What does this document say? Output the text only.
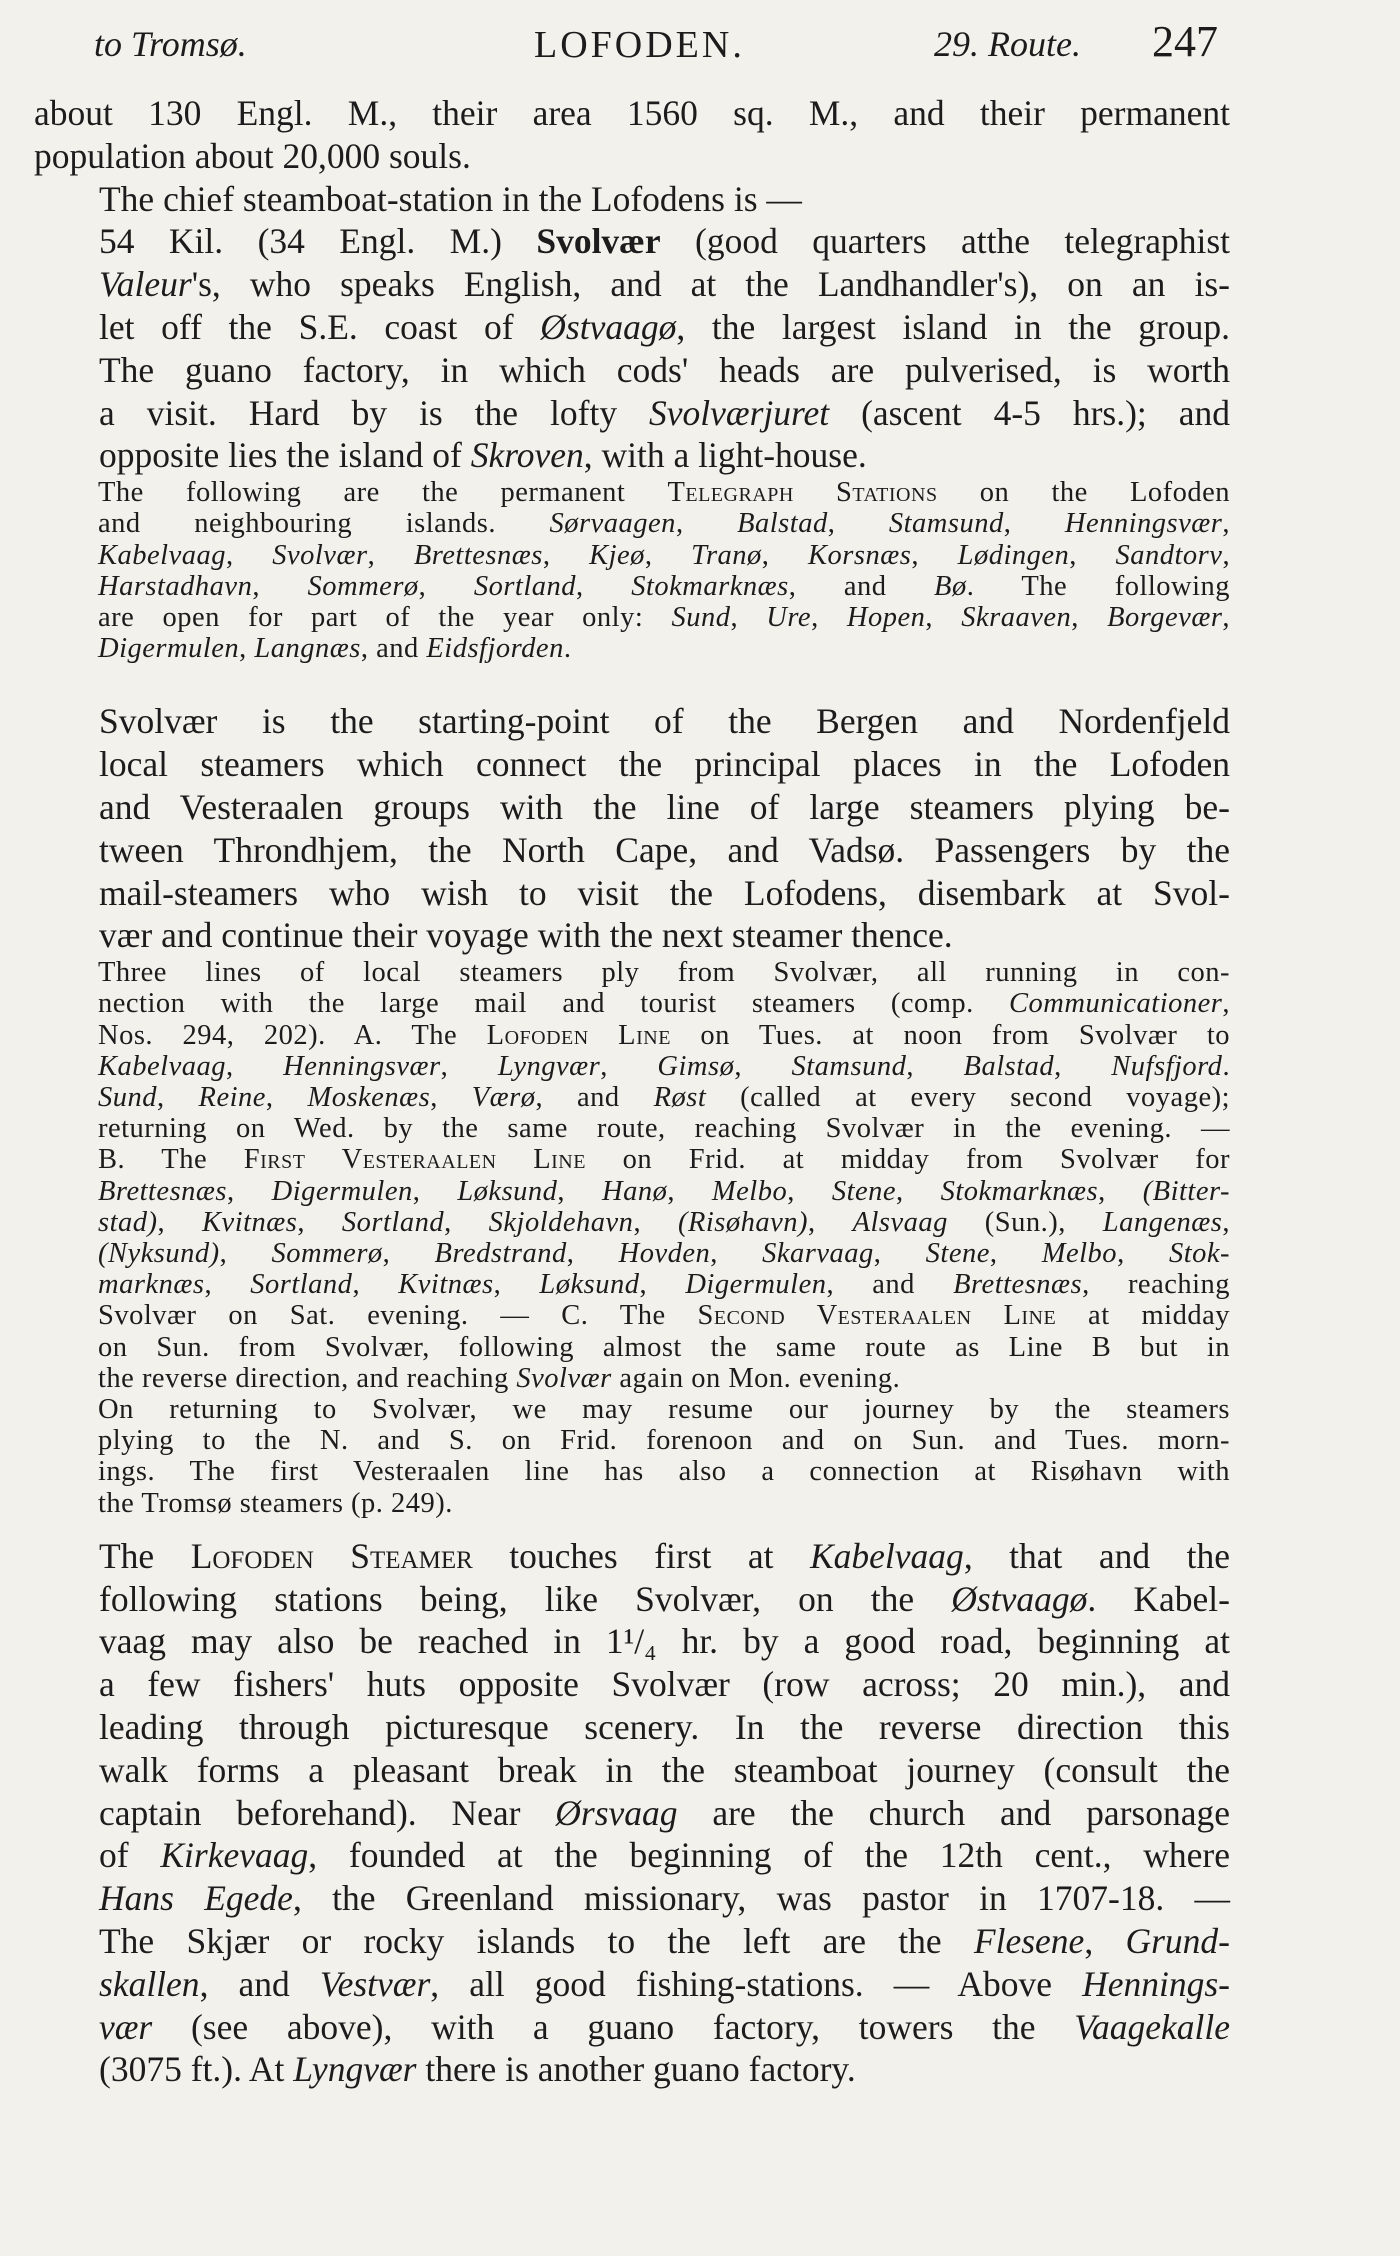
to Tromsø.	LOFODEN.	29. Route. 247

about 130 Engl. M., their area 1560 sq. M., and their permanent
population about 20,000 souls.

The chief steamboat-station in the Lofodens is —

54 Kil. (34 Engl. M.) Svolvær (good quarters atthe telegraphist
Valeur's, who speaks English, and at the Landhandler's), on an is-
let off the S.E. coast of Østvaagø, the largest island in the group.
The guano factory, in which cods' heads are pulverised, is worth
a visit. Hard by is the lofty Svolværjuret (ascent 4-5 hrs.); and
opposite lies the island of Skroven, with a light-house.

The following are the permanent Telegraph Stations on the Lofoden
and neighbouring islands. Sørvaagen, Balstad, Stamsund, Henningsvær,
Kabelvaag, Svolvær, Brettesnæs, Kjeø, Tranø, Korsnæs, Lødingen, Sandtorv,
Harstadhavn, Sommerø, Sortland, Stokmarknæs, and Bø. The following
are open for part of the year only: Sund, Ure, Hopen, Skraaven, Borgevær,
Digermulen, Langnæs, and Eidsfjorden.

Svolvær is the starting-point of the Bergen and Nordenfjeld
local steamers which connect the principal places in the Lofoden
and Vesteraalen groups with the line of large steamers plying be-
tween Throndhjem, the North Cape, and Vadsø. Passengers by the
mail-steamers who wish to visit the Lofodens, disembark at Svol-
vær and continue their voyage with the next steamer thence.

Three lines of local steamers ply from Svolvær, all running in con-
nection with the large mail and tourist steamers (comp. Communicationer,
Nos. 294, 202). A. The Lofoden Line on Tues. at noon from Svolvær to
Kabelvaag, Henningsvær, Lyngvær, Gimsø, Stamsund, Balstad, Nufsfjord.
Sund, Reine, Moskenæs, Værø, and Røst (called at every second voyage);
returning on Wed. by the same route, reaching Svolvær in the evening. —
B. The First Vesteraalen Line on Frid. at midday from Svolvær for
Brettesnæs, Digermulen, Løksund, Hanø, Melbo, Stene, Stokmarknæs, (Bitter-
stad), Kvitnæs, Sortland, Skjoldehavn, (Risøhavn), Alsvaag (Sun.), Langenæs,
(Nyksund), Sommerø, Bredstrand, Hovden, Skarvaag, Stene, Melbo, Stok-
marknæs, Sortland, Kvitnæs, Løksund, Digermulen, and Brettesnæs, reaching
Svolvær on Sat. evening. — C. The Second Vesteraalen Line at midday
on Sun. from Svolvær, following almost the same route as Line B but in
the reverse direction, and reaching Svolvær again on Mon. evening.

On returning to Svolvær, we may resume our journey by the steamers
plying to the N. and S. on Frid. forenoon and on Sun. and Tues. morn-
ings. The first Vesteraalen line has also a connection at Risøhavn with
the Tromsø steamers (p. 249).

The Lofoden Steamer touches first at Kabelvaag, that and the
following stations being, like Svolvær, on the Østvaagø. Kabel-
vaag may also be reached in 1¹/₄ hr. by a good road, beginning at
a few fishers' huts opposite Svolvær (row across; 20 min.), and
leading through picturesque scenery. In the reverse direction this
walk forms a pleasant break in the steamboat journey (consult the
captain beforehand). Near Ørsvaag are the church and parsonage
of Kirkevaag, founded at the beginning of the 12th cent., where
Hans Egede, the Greenland missionary, was pastor in 1707-18. —
The Skjær or rocky islands to the left are the Flesene, Grund-
skallen, and Vestvær, all good fishing-stations. — Above Hennings-
vær (see above), with a guano factory, towers the Vaagekalle
(3075 ft.). At Lyngvær there is another guano factory.
